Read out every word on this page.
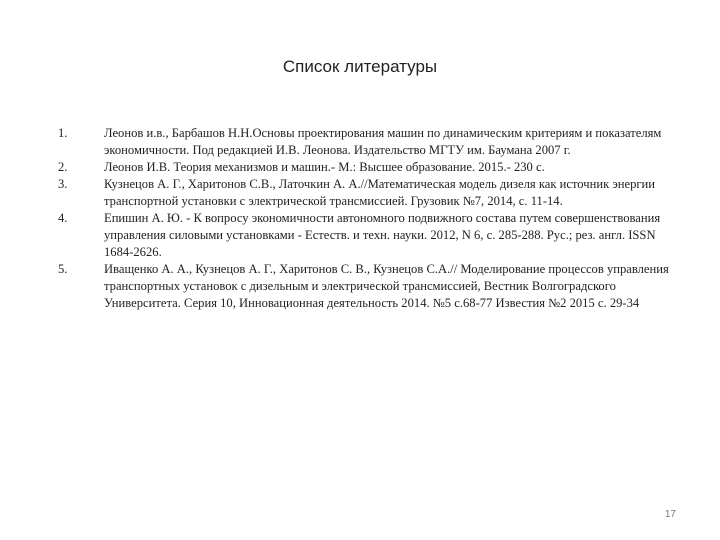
Список литературы
1.	Леонов и.в., Барбашов Н.Н.Основы проектирования машин по динамическим критериям и показателям экономичности. Под редакцией И.В. Леонова. Издательство МГТУ им. Баумана 2007 г.
2.	Леонов И.В. Теория механизмов и машин.- М.: Высшее образование. 2015.- 230 с.
3.	Кузнецов А. Г., Харитонов С.В., Латочкин А. А.//Математическая модель дизеля как источник энергии транспортной установки с электрической трансмиссией. Грузовик №7, 2014, с. 11-14.
4.	Епишин А. Ю. - К вопросу экономичности автономного подвижного состава путем совершенствования управления силовыми установками - Естеств. и техн. науки. 2012, N 6, с. 285-288. Рус.; рез. англ. ISSN 1684-2626.
5.	Иващенко А. А., Кузнецов А. Г., Харитонов С. В., Кузнецов С.А.// Моделирование процессов управления транспортных установок с дизельным и электрической трансмиссией, Вестник Волгоградского Университета. Серия 10, Инновационная деятельность 2014. №5 с.68-77 Известия №2 2015 с. 29-34
17
